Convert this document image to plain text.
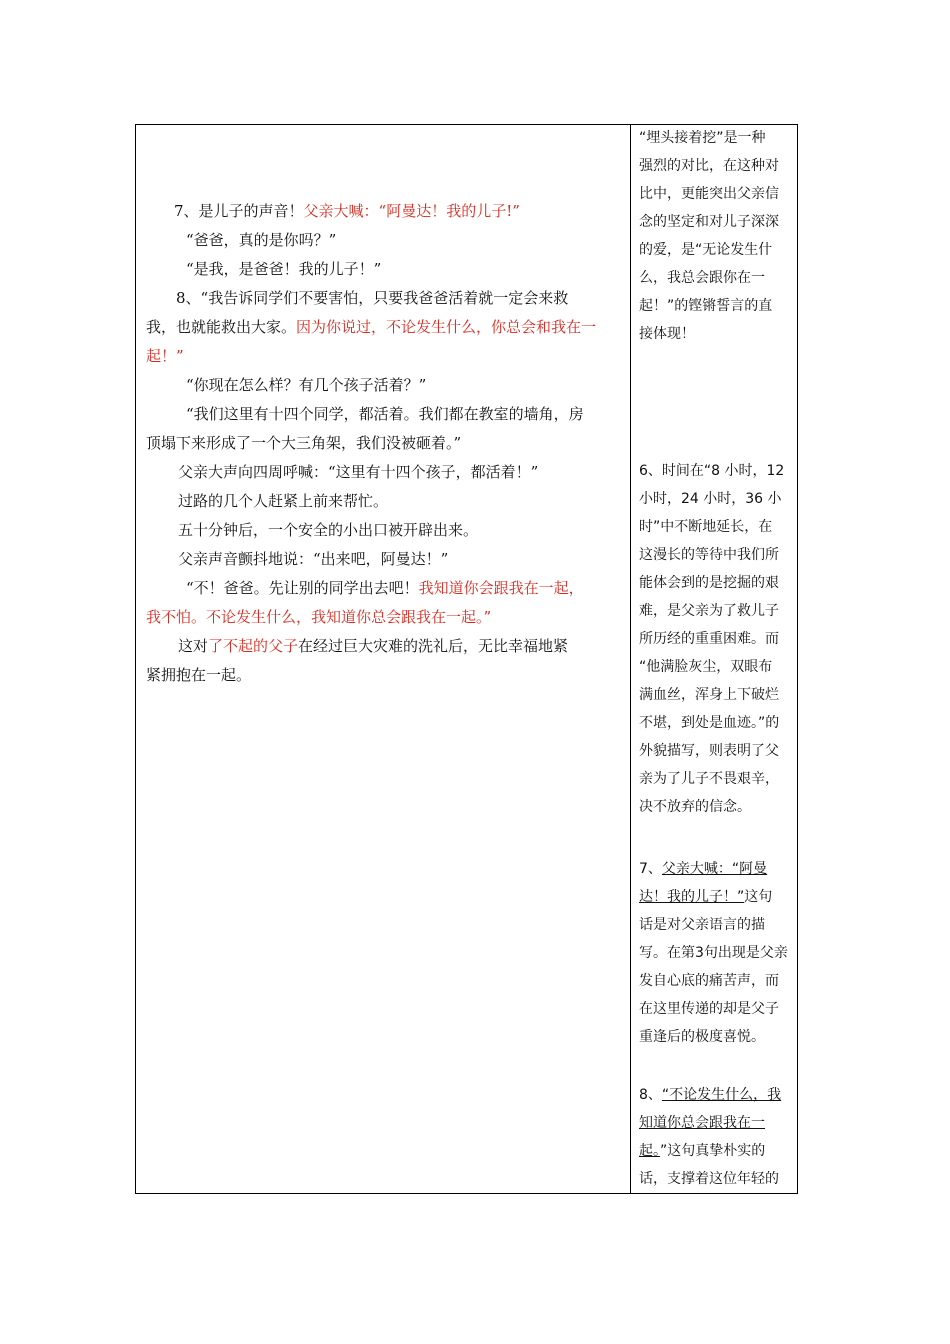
7、是儿子的声音！父亲大喊：“阿曼达！我的儿子!”
“爸爸，真的是你吗？”
“是我，是爸爸！我的儿子！”
8、“我告诉同学们不要害怕，只要我爸爸活着就一定会来救
我，也就能救出大家。因为你说过，不论发生什么，你总会和我在一
起！”
“你现在怎么样？有几个孩子活着？”
“我们这里有十四个同学，都活着。我们都在教室的墙角，房
顶塌下来形成了一个大三角架，我们没被砸着。”
父亲大声向四周呼喊：“这里有十四个孩子，都活着！”
过路的几个人赶紧上前来帮忙。
五十分钟后，一个安全的小出口被开辟出来。
父亲声音颤抖地说：“出来吧，阿曼达！”
“不！爸爸。先让别的同学出去吧！我知道你会跟我在一起，
我不怕。不论发生什么，我知道你总会跟我在一起。”
这对了不起的父子在经过巨大灾难的洗礼后，无比幸福地紧
紧拥抱在一起。
“埋头接着挖”是一种
强烈的对比，在这种对
比中，更能突出父亲信
念的坚定和对儿子深深
的爱，是“无论发生什
么，我总会跟你在一
起！”的铿锵誓言的直
接体现！
6、时间在“8 小时，12
小时，24 小时，36 小
时”中不断地延长，在
这漫长的等待中我们所
能体会到的是挖掘的艰
难，是父亲为了救儿子
所历经的重重困难。而
“他满脸灰尘，双眼布
满血丝，浑身上下破烂
不堪，到处是血迹。”的
外貌描写，则表明了父
亲为了儿子不畏艰辛，
决不放弃的信念。
7、父亲大喊：“阿曼
达！我的儿子！”这句
话是对父亲语言的描
写。在第3句出现是父亲
发自心底的痛苦声，而
在这里传递的却是父子
重逢后的极度喜悦。
8、“不论发生什么，我
知道你总会跟我在一
起。”这句真挚朴实的
话，支撑着这位年轻的
